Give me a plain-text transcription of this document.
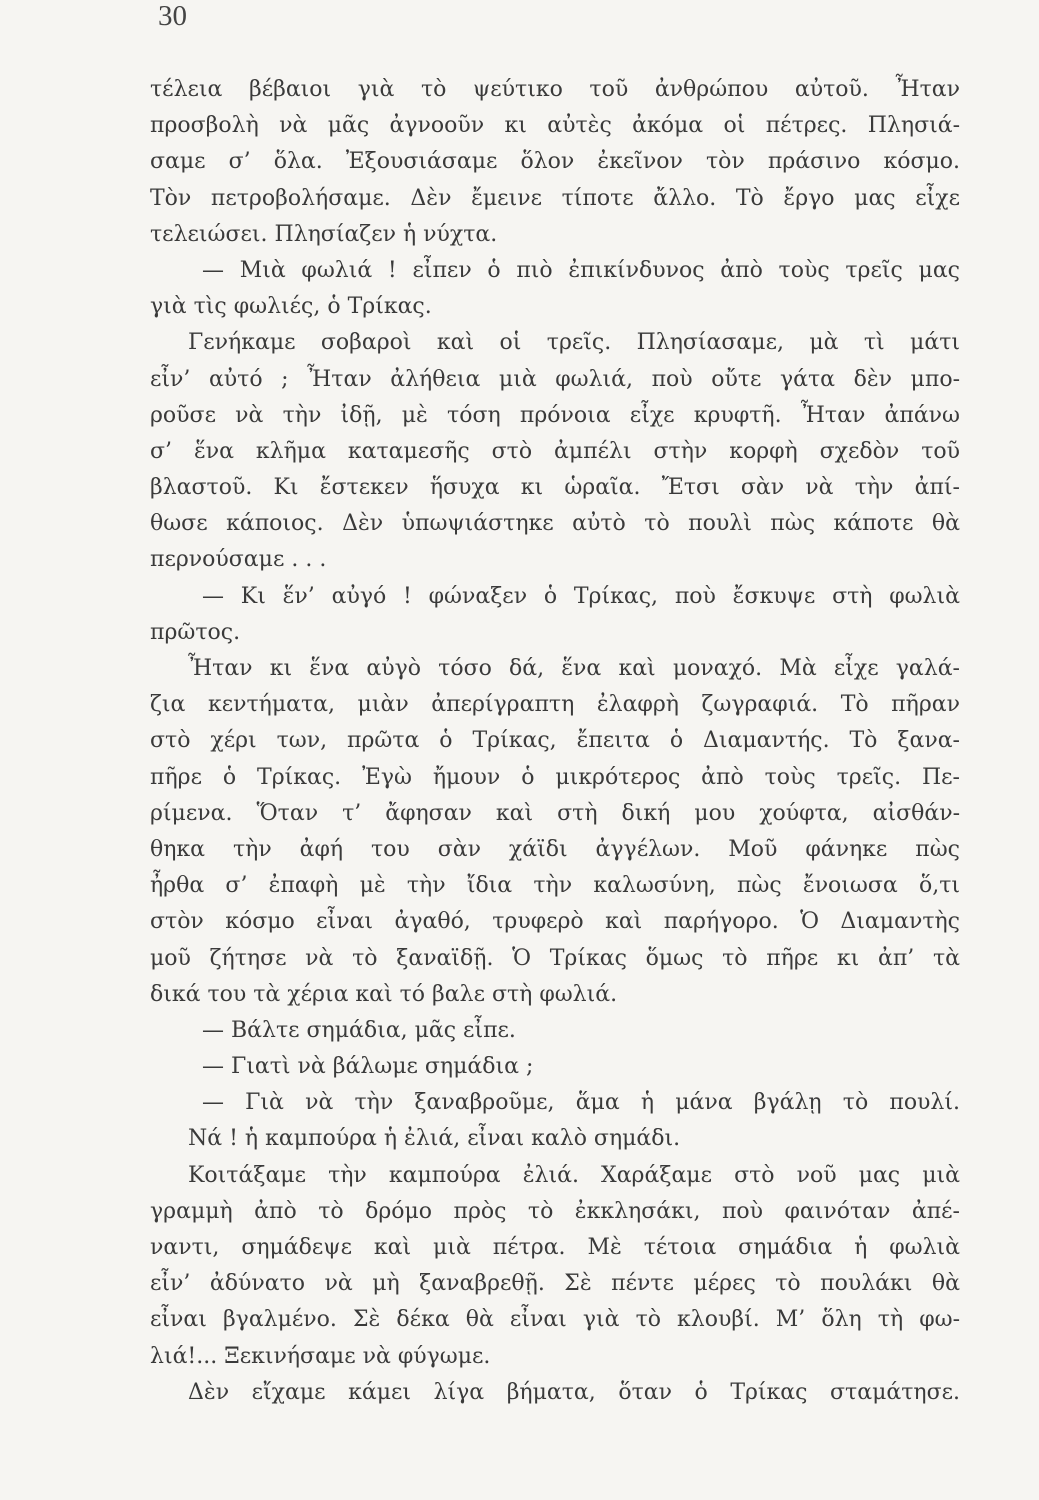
30
τέλεια βέβαιοι γιὰ τὸ ψεύτικο τοῦ ἀνθρώπου αὐτοῦ. Ἦταν
προσβολὴ νὰ μᾶς ἀγνοοῦν κι αὐτὲς ἀκόμα οἱ πέτρες. Πλησιά-
σαμε σ’ ὅλα. Ἐξουσιάσαμε ὅλον ἐκεῖνον τὸν πράσινο κόσμο.
Τὸν πετροβολήσαμε. Δὲν ἔμεινε τίποτε ἄλλο. Τὸ ἔργο μας εἶχε
τελειώσει. Πλησίαζεν ἡ νύχτα.
— Μιὰ φωλιά ! εἶπεν ὁ πιὸ ἐπικίνδυνος ἀπὸ τοὺς τρεῖς μας
γιὰ τὶς φωλιές, ὁ Τρίκας.
Γενήκαμε σοβαροὶ καὶ οἱ τρεῖς. Πλησίασαμε, μὰ τὶ μάτι
εἶν’ αὐτό ; Ἦταν ἀλήθεια μιὰ φωλιά, ποὺ οὔτε γάτα δὲν μπο-
ροῦσε νὰ τὴν ἰδῇ, μὲ τόση πρόνοια εἶχε κρυφτῆ. Ἦταν ἀπάνω
σ’ ἕνα κλῆμα καταμεσῆς στὸ ἀμπέλι στὴν κορφὴ σχεδὸν τοῦ
βλαστοῦ. Κι ἔστεκεν ἥσυχα κι ὡραῖα. Ἔτσι σὰν νὰ τὴν ἀπί-
θωσε κάποιος. Δὲν ὑπωψιάστηκε αὐτὸ τὸ πουλὶ πὼς κάποτε θὰ
περνούσαμε . . .
— Κι ἕν’ αὐγό ! φώναξεν ὁ Τρίκας, ποὺ ἔσκυψε στὴ φωλιὰ
πρῶτος.
Ἦταν κι ἕνα αὐγὸ τόσο δά, ἕνα καὶ μοναχό. Μὰ εἶχε γαλά-
ζια κεντήματα, μιὰν ἀπερίγραπτη ἐλαφρὴ ζωγραφιά. Τὸ πῆραν
στὸ χέρι των, πρῶτα ὁ Τρίκας, ἔπειτα ὁ Διαμαντής. Τὸ ξανα-
πῆρε ὁ Τρίκας. Ἐγὼ ἤμουν ὁ μικρότερος ἀπὸ τοὺς τρεῖς. Πε-
ρίμενα. Ὅταν τ’ ἄφησαν καὶ στὴ δική μου χούφτα, αἰσθάν-
θηκα τὴν ἀφή του σὰν χάϊδι ἀγγέλων. Μοῦ φάνηκε πὼς
ἦρθα σ’ ἐπαφὴ μὲ τὴν ἴδια τὴν καλωσύνη, πὼς ἔνοιωσα ὅ,τι
στὸν κόσμο εἶναι ἀγαθό, τρυφερὸ καὶ παρήγορο. Ὁ Διαμαντὴς
μοῦ ζήτησε νὰ τὸ ξαναϊδῇ. Ὁ Τρίκας ὅμως τὸ πῆρε κι ἀπ’ τὰ
δικά του τὰ χέρια καὶ τό βαλε στὴ φωλιά.
— Βάλτε σημάδια, μᾶς εἶπε.
— Γιατὶ νὰ βάλωμε σημάδια ;
— Γιὰ νὰ τὴν ξαναβροῦμε, ἅμα ἡ μάνα βγάλῃ τὸ πουλί.
Νά ! ἡ καμπούρα ἡ ἐλιά, εἶναι καλὸ σημάδι.
Κοιτάξαμε τὴν καμπούρα ἐλιά. Χαράξαμε στὸ νοῦ μας μιὰ
γραμμὴ ἀπὸ τὸ δρόμο πρὸς τὸ ἐκκλησάκι, ποὺ φαινόταν ἀπέ-
ναντι, σημάδεψε καὶ μιὰ πέτρα. Μὲ τέτοια σημάδια ἡ φωλιὰ
εἶν’ ἀδύνατο νὰ μὴ ξαναβρεθῇ. Σὲ πέντε μέρες τὸ πουλάκι θὰ
εἶναι βγαλμένο. Σὲ δέκα θὰ εἶναι γιὰ τὸ κλουβί. Μ’ ὅλη τὴ φω-
λιά!... Ξεκινήσαμε νὰ φύγωμε.
Δὲν εἴχαμε κάμει λίγα βήματα, ὅταν ὁ Τρίκας σταμάτησε.
